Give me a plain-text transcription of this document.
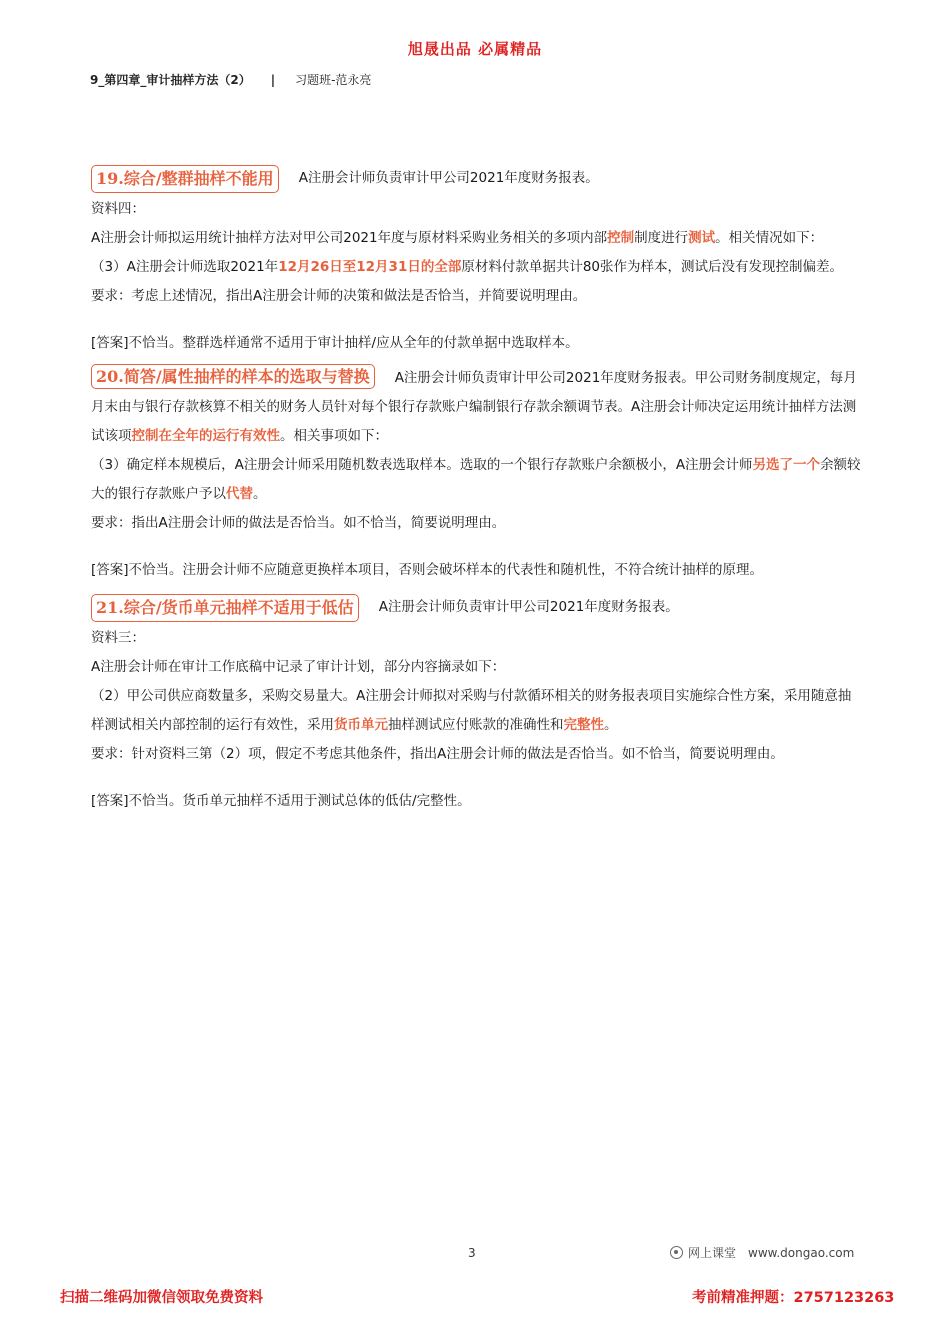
旭晟出品 必属精品
9_第四章_审计抽样方法（2） | 习题班-范永亮
19.综合/整群抽样不能用	A注册会计师负责审计甲公司2021年度财务报表。

资料四：

A注册会计师拟运用统计抽样方法对甲公司2021年度与原材料采购业务相关的多项内部控制制度进行测试。相关情况如下：

（3）A注册会计师选取2021年12月26日至12月31日的全部原材料付款单据共计80张作为样本，测试后没有发现控制偏差。

要求：考虑上述情况，指出A注册会计师的决策和做法是否恰当，并简要说明理由。

[答案]不恰当。整群选样通常不适用于审计抽样/应从全年的付款单据中选取样本。

20.简答/属性抽样的样本的选取与替换 A注册会计师负责审计甲公司2021年度财务报表。甲公司财务制度规定，每月月末由与银行存款核算不相关的财务人员针对每个银行存款账户编制银行存款余额调节表。A注册会计师决定运用统计抽样方法测试该项控制在全年的运行有效性。相关事项如下：

（3）确定样本规模后，A注册会计师采用随机数表选取样本。选取的一个银行存款账户余额极小，A注册会计师另选了一个余额较大的银行存款账户予以代替。

要求：指出A注册会计师的做法是否恰当。如不恰当，简要说明理由。

[答案]不恰当。注册会计师不应随意更换样本项目，否则会破坏样本的代表性和随机性，不符合统计抽样的原理。

21.综合/货币单元抽样不适用于低估	A注册会计师负责审计甲公司2021年度财务报表。

资料三：

A注册会计师在审计工作底稿中记录了审计计划，部分内容摘录如下：

（2）甲公司供应商数量多，采购交易量大。A注册会计师拟对采购与付款循环相关的财务报表项目实施综合性方案，采用随意抽样测试相关内部控制的运行有效性，采用货币单元抽样测试应付账款的准确性和完整性。

要求：针对资料三第（2）项，假定不考虑其他条件，指出A注册会计师的做法是否恰当。如不恰当，简要说明理由。

[答案]不恰当。货币单元抽样不适用于测试总体的低估/完整性。

3	网上课堂 www.dongao.com
扫描二维码加微信领取免费资料	考前精准押题：2757123263
